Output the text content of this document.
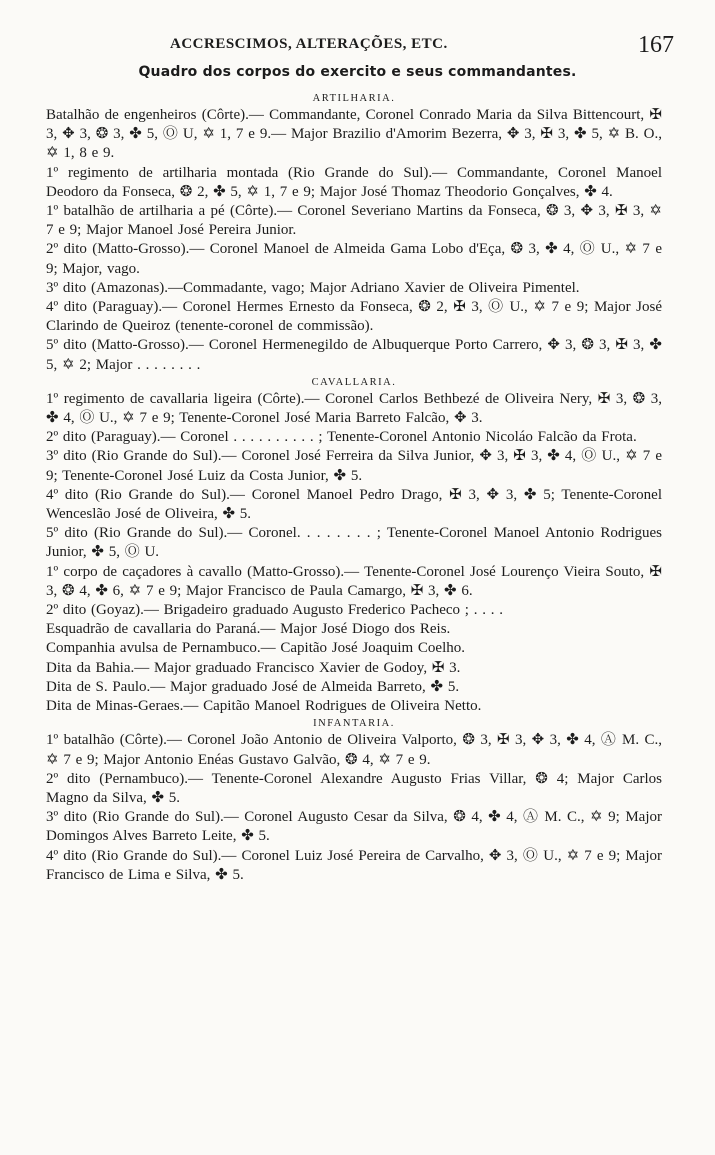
ACCRESCIMOS, ALTERAÇÕES, ETC.	167
Quadro dos corpos do exercito e seus commandantes.
ARTILHARIA.

Batalhão de engenheiros (Côrte).— Commandante, Coronel Conrado Maria da Silva Bittencourt, ✠ 3, ✥ 3, ❂ 3, ✤ 5, Ⓞ U, ✡ 1, 7 e 9.— Major Brazilio d'Amorim Bezerra, ✥ 3, ✠ 3, ✤ 5, ✡ B. O., ✡ 1, 8 e 9.

1º regimento de artilharia montada (Rio Grande do Sul).— Commandante, Coronel Manoel Deodoro da Fonseca, ❂ 2, ✤ 5, ✡ 1, 7 e 9; Major José Thomaz Theodorio Gonçalves, ✤ 4.

1º batalhão de artilharia a pé (Côrte).— Coronel Severiano Martins da Fonseca, ❂ 3, ✥ 3, ✠ 3, ✡ 7 e 9; Major Manoel José Pereira Junior.

2º dito (Matto-Grosso).— Coronel Manoel de Almeida Gama Lobo d'Eça, ❂ 3, ✤ 4, Ⓞ U., ✡ 7 e 9; Major, vago.

3º dito (Amazonas).—Commadante, vago; Major Adriano Xavier de Oliveira Pimentel.

4º dito (Paraguay).— Coronel Hermes Ernesto da Fonseca, ❂ 2, ✠ 3, Ⓞ U., ✡ 7 e 9; Major José Clarindo de Queiroz (tenente-coronel de commissão).

5º dito (Matto-Grosso).— Coronel Hermenegildo de Albuquerque Porto Carrero, ✥ 3, ❂ 3, ✠ 3, ✤ 5, ✡ 2; Major . . . . . . . .

CAVALLARIA.

1º regimento de cavallaria ligeira (Côrte).— Coronel Carlos Bethbezé de Oliveira Nery, ✠ 3, ❂ 3, ✤ 4, Ⓞ U., ✡ 7 e 9; Tenente-Coronel José Maria Barreto Falcão, ✥ 3.

2º dito (Paraguay).— Coronel . . . . . . . . . . ; Tenente-Coronel Antonio Nicoláo Falcão da Frota.

3º dito (Rio Grande do Sul).— Coronel José Ferreira da Silva Junior, ✥ 3, ✠ 3, ✤ 4, Ⓞ U., ✡ 7 e 9; Tenente-Coronel José Luiz da Costa Junior, ✤ 5.

4º dito (Rio Grande do Sul).— Coronel Manoel Pedro Drago, ✠ 3, ✥ 3, ✤ 5; Tenente-Coronel Wenceslão José de Oliveira, ✤ 5.

5º dito (Rio Grande do Sul).— Coronel. . . . . . . . ; Tenente-Coronel Manoel Antonio Rodrigues Junior, ✤ 5, Ⓞ U.

1º corpo de caçadores à cavallo (Matto-Grosso).— Tenente-Coronel José Lourenço Vieira Souto, ✠ 3, ❂ 4, ✤ 6, ✡ 7 e 9; Major Francisco de Paula Camargo, ✠ 3, ✤ 6.

2º dito (Goyaz).— Brigadeiro graduado Augusto Frederico Pacheco ; . . . .

Esquadrão de cavallaria do Paraná.— Major José Diogo dos Reis.

Companhia avulsa de Pernambuco.— Capitão José Joaquim Coelho.

Dita da Bahia.— Major graduado Francisco Xavier de Godoy, ✠ 3.

Dita de S. Paulo.— Major graduado José de Almeida Barreto, ✤ 5.

Dita de Minas-Geraes.— Capitão Manoel Rodrigues de Oliveira Netto.

INFANTARIA.

1º batalhão (Côrte).— Coronel João Antonio de Oliveira Valporto, ❂ 3, ✠ 3, ✥ 3, ✤ 4, Ⓐ M. C., ✡ 7 e 9; Major Antonio Enéas Gustavo Galvão, ❂ 4, ✡ 7 e 9.

2º dito (Pernambuco).— Tenente-Coronel Alexandre Augusto Frias Villar, ❂ 4; Major Carlos Magno da Silva, ✤ 5.

3º dito (Rio Grande do Sul).— Coronel Augusto Cesar da Silva, ❂ 4, ✤ 4, Ⓐ M. C., ✡ 9; Major Domingos Alves Barreto Leite, ✤ 5.

4º dito (Rio Grande do Sul).— Coronel Luiz José Pereira de Carvalho, ✥ 3, Ⓞ U., ✡ 7 e 9; Major Francisco de Lima e Silva, ✤ 5.
